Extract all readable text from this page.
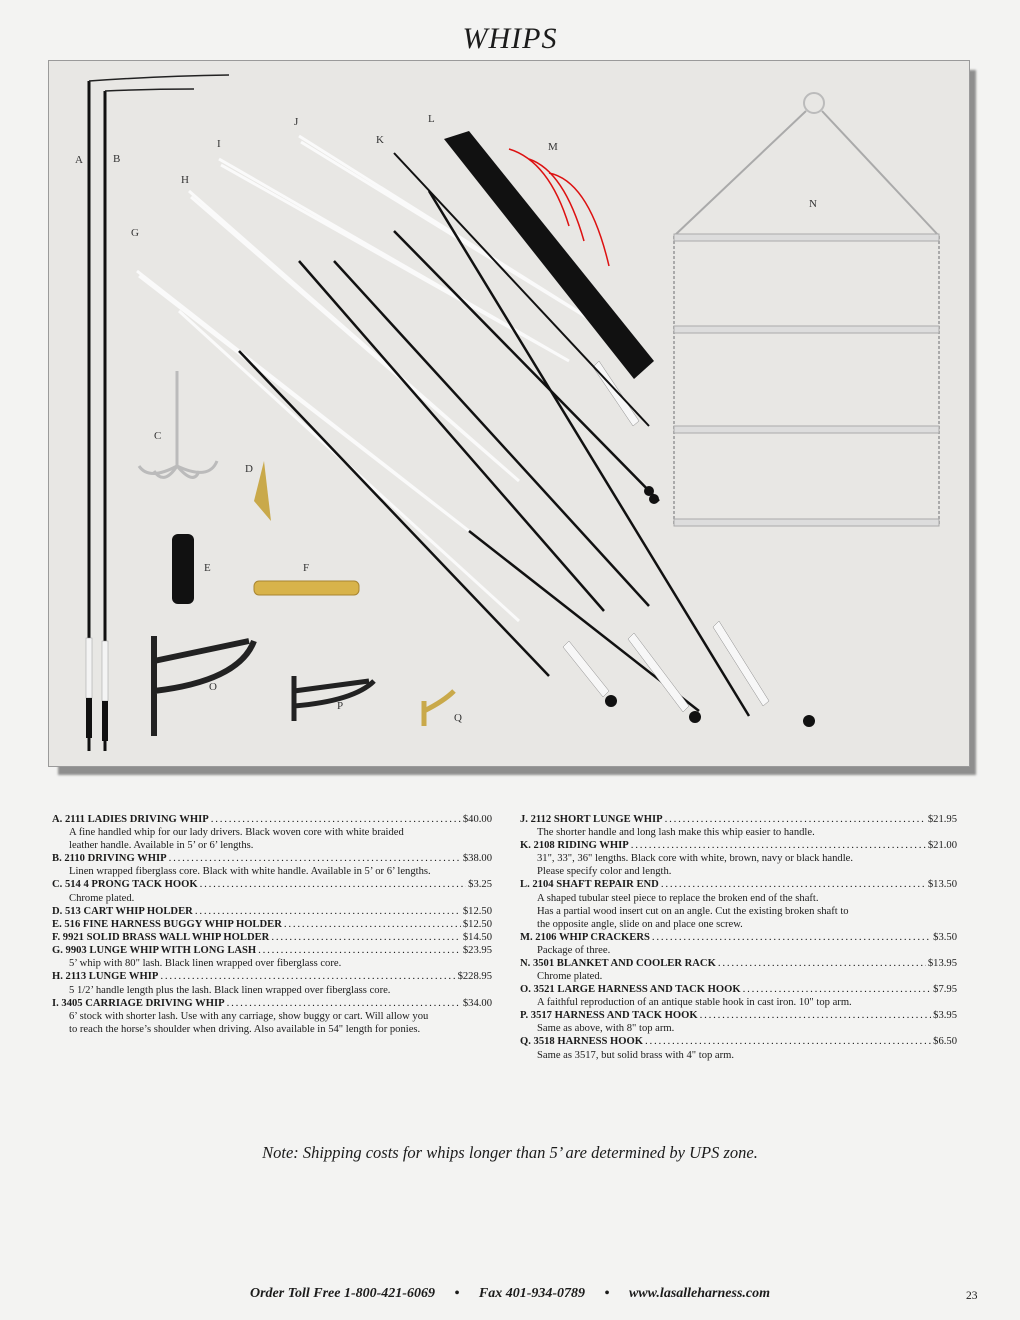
WHIPS
A	B
C
D
E	F
G
H
I
J
K
L
M
N
O
P
Q
A. 2111 LADIES DRIVING WHIP . . .	$40.00
A fine handled whip for our lady drivers. Black woven core with white braided
leather handle. Available in 5’ or 6’ lengths.
B. 2110 DRIVING WHIP . . .	$38.00
Linen wrapped fiberglass core. Black with white handle. Available in 5’ or 6’ lengths.
C. 514 4 PRONG TACK HOOK . . .	$3.25
Chrome plated.
D. 513 CART WHIP HOLDER . . .	$12.50
E. 516 FINE HARNESS BUGGY WHIP HOLDER . . .	$12.50
F. 9921 SOLID BRASS WALL WHIP HOLDER . . .	$14.50
G. 9903 LUNGE WHIP WITH LONG LASH . . .	$23.95
5’ whip with 80" lash. Black linen wrapped over fiberglass core.
H. 2113 LUNGE WHIP . . .	$228.95
5 1/2’ handle length plus the lash. Black linen wrapped over fiberglass core.
I. 3405 CARRIAGE DRIVING WHIP . . .	$34.00
6’ stock with shorter lash. Use with any carriage, show buggy or cart. Will allow you
to reach the horse’s shoulder when driving. Also available in 54" length for ponies.
J. 2112 SHORT LUNGE WHIP . . .	$21.95
The shorter handle and long lash make this whip easier to handle.
K. 2108 RIDING WHIP . . .	$21.00
31", 33", 36" lengths. Black core with white, brown, navy or black handle.
Please specify color and length.
L. 2104 SHAFT REPAIR END . . .	$13.50
A shaped tubular steel piece to replace the broken end of the shaft.
Has a partial wood insert cut on an angle. Cut the existing broken shaft to
the opposite angle, slide on and place one screw.
M. 2106 WHIP CRACKERS . . .	$3.50
Package of three.
N. 3501 BLANKET AND COOLER RACK . . .	$13.95
Chrome plated.
O. 3521 LARGE HARNESS AND TACK HOOK . . .	$7.95
A faithful reproduction of an antique stable hook in cast iron. 10" top arm.
P. 3517 HARNESS AND TACK HOOK . . .	$3.95
Same as above, with 8" top arm.
Q. 3518 HARNESS HOOK . . .	$6.50
Same as 3517, but solid brass with 4" top arm.
Note: Shipping costs for whips longer than 5’ are determined by UPS zone.
Order Toll Free 1-800-421-6069 • Fax 401-934-0789 • www.lasalleharness.com	23
